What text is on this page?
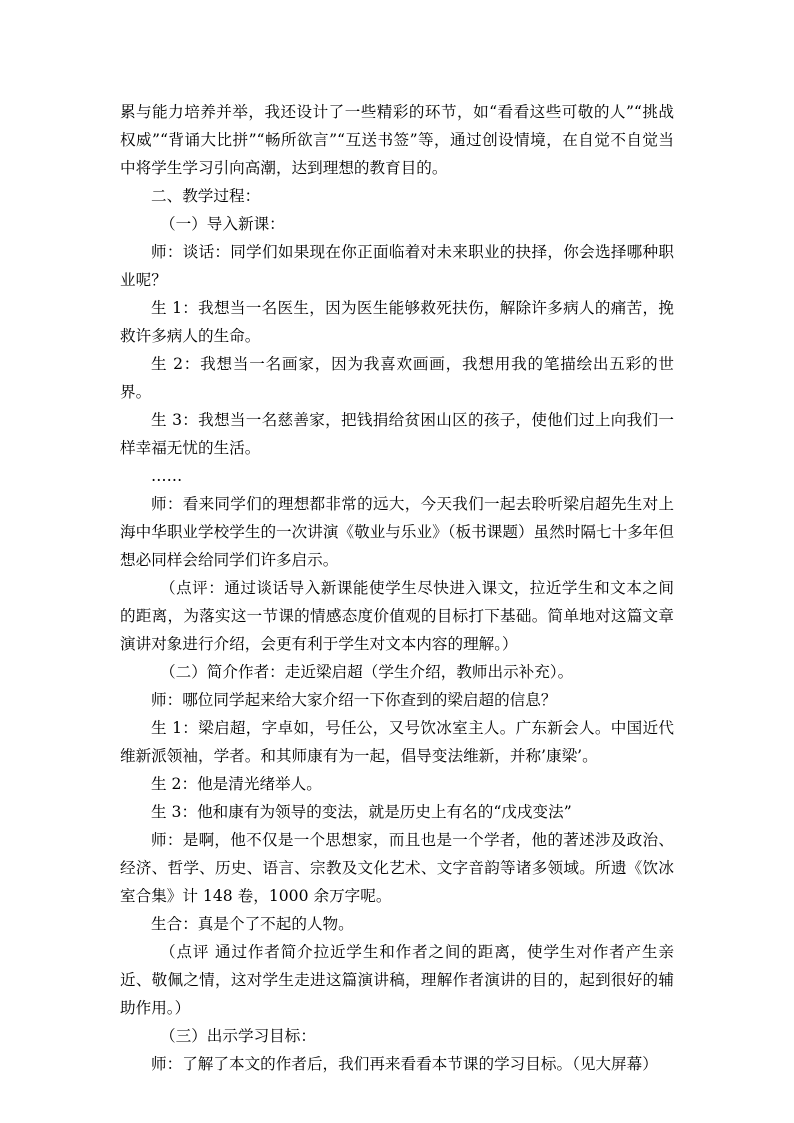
累与能力培养并举，我还设计了一些精彩的环节，如“看看这些可敬的人”“挑战权威”“背诵大比拼”“畅所欲言”“互送书签”等，通过创设情境，在自觉不自觉当中将学生学习引向高潮，达到理想的教育目的。

二、教学过程：

（一）导入新课：

师：谈话：同学们如果现在你正面临着对未来职业的抉择，你会选择哪种职业呢？

生 1：我想当一名医生，因为医生能够救死扶伤，解除许多病人的痛苦，挽救许多病人的生命。

生 2：我想当一名画家，因为我喜欢画画，我想用我的笔描绘出五彩的世界。

生 3：我想当一名慈善家，把钱捐给贫困山区的孩子，使他们过上向我们一样幸福无忧的生活。

……

师：看来同学们的理想都非常的远大，今天我们一起去聆听梁启超先生对上海中华职业学校学生的一次讲演《敬业与乐业》（板书课题）虽然时隔七十多年但想必同样会给同学们许多启示。

（点评：通过谈话导入新课能使学生尽快进入课文，拉近学生和文本之间的距离，为落实这一节课的情感态度价值观的目标打下基础。简单地对这篇文章演讲对象进行介绍，会更有利于学生对文本内容的理解。）

（二）简介作者：走近梁启超（学生介绍，教师出示补充）。

师：哪位同学起来给大家介绍一下你查到的梁启超的信息？

生 1：梁启超，字卓如，号任公，又号饮冰室主人。广东新会人。中国近代维新派领袖，学者。和其师康有为一起，倡导变法维新，并称’康梁’。

生 2：他是清光绪举人。

生 3：他和康有为领导的变法，就是历史上有名的“戊戌变法”

师：是啊，他不仅是一个思想家，而且也是一个学者，他的著述涉及政治、经济、哲学、历史、语言、宗教及文化艺术、文字音韵等诸多领域。所遗《饮冰室合集》计 148 卷，1000 余万字呢。

生合：真是个了不起的人物。

（点评 通过作者简介拉近学生和作者之间的距离，使学生对作者产生亲近、敬佩之情，这对学生走进这篇演讲稿，理解作者演讲的目的，起到很好的辅助作用。）

（三）出示学习目标：

师：了解了本文的作者后，我们再来看看本节课的学习目标。（见大屏幕）
